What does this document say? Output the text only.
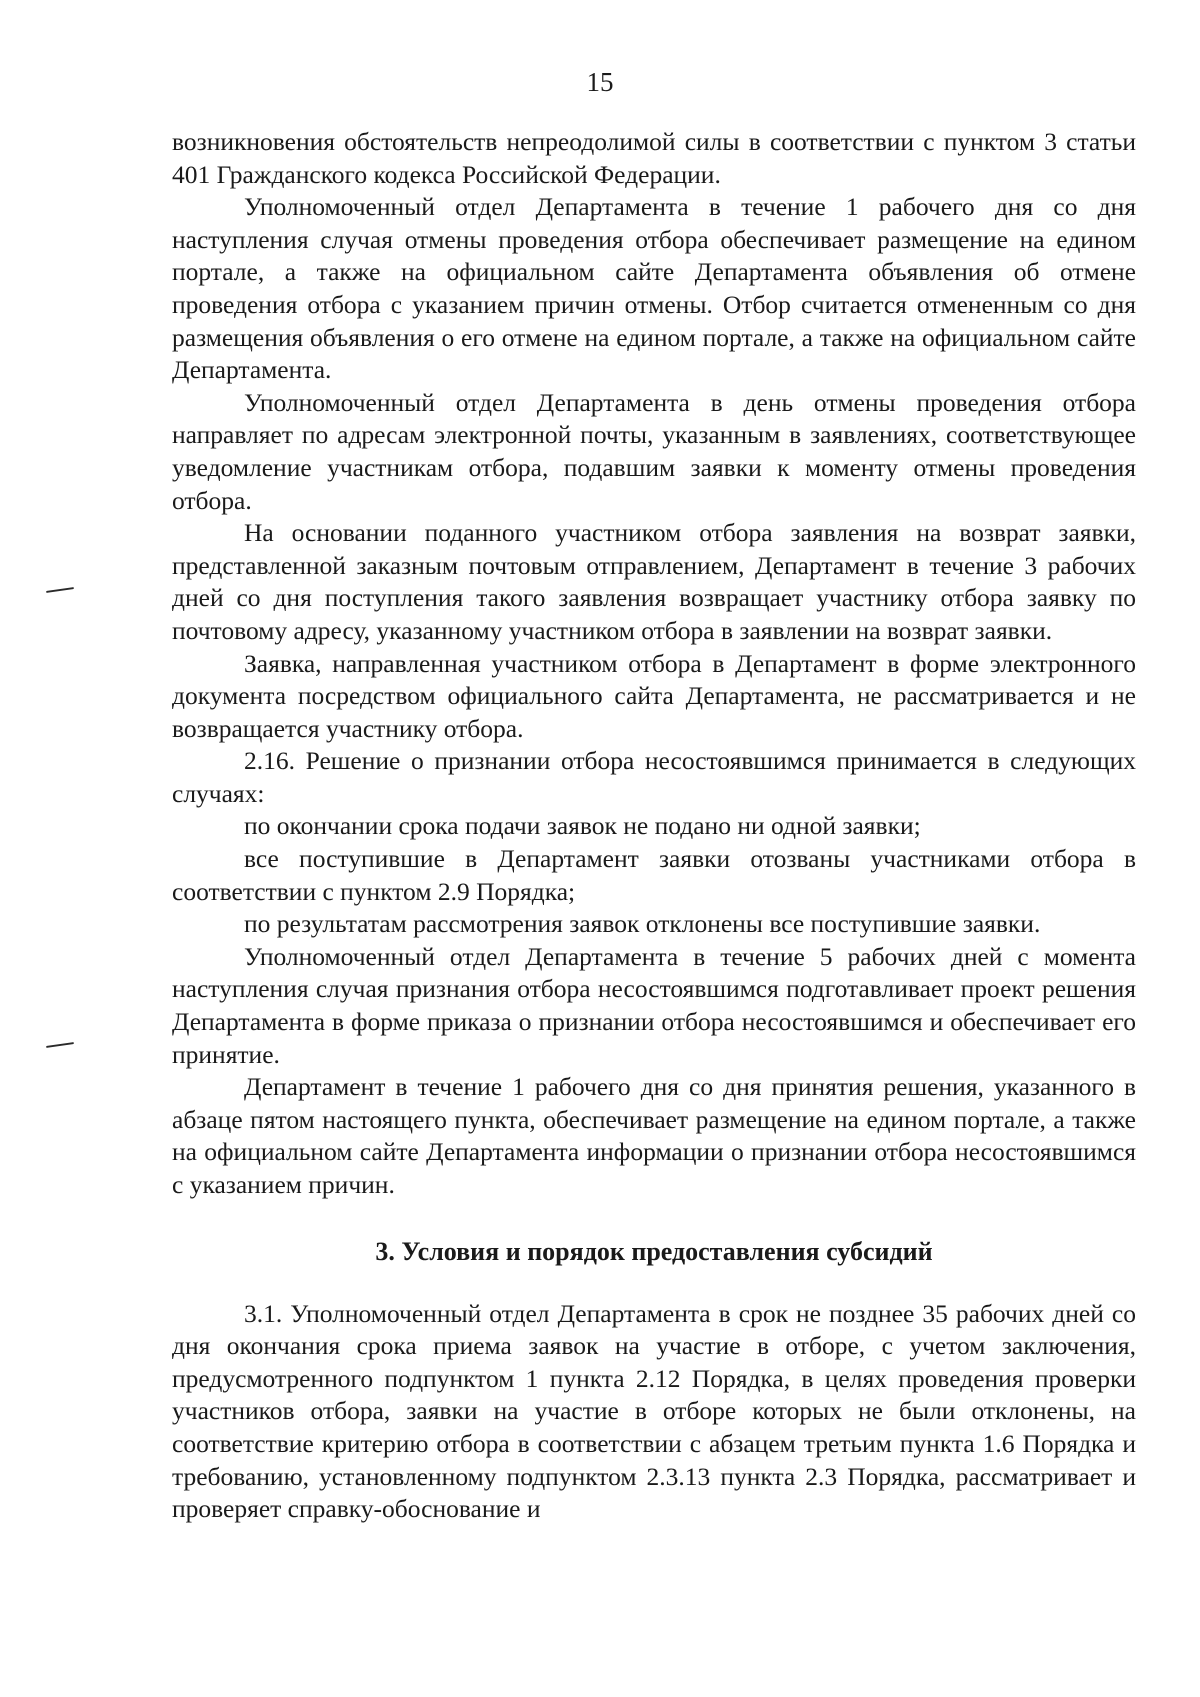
15

возникновения обстоятельств непреодолимой силы в соответствии с пунктом 3 статьи 401 Гражданского кодекса Российской Федерации.

Уполномоченный отдел Департамента в течение 1 рабочего дня со дня наступления случая отмены проведения отбора обеспечивает размещение на едином портале, а также на официальном сайте Департамента объявления об отмене проведения отбора с указанием причин отмены. Отбор считается отмененным со дня размещения объявления о его отмене на едином портале, а также на официальном сайте Департамента.

Уполномоченный отдел Департамента в день отмены проведения отбора направляет по адресам электронной почты, указанным в заявлениях, соответствующее уведомление участникам отбора, подавшим заявки к моменту отмены проведения отбора.

На основании поданного участником отбора заявления на возврат заявки, представленной заказным почтовым отправлением, Департамент в течение 3 рабочих дней со дня поступления такого заявления возвращает участнику отбора заявку по почтовому адресу, указанному участником отбора в заявлении на возврат заявки.

Заявка, направленная участником отбора в Департамент в форме электронного документа посредством официального сайта Департамента, не рассматривается и не возвращается участнику отбора.

2.16. Решение о признании отбора несостоявшимся принимается в следующих случаях:

по окончании срока подачи заявок не подано ни одной заявки;

все поступившие в Департамент заявки отозваны участниками отбора в соответствии с пунктом 2.9 Порядка;

по результатам рассмотрения заявок отклонены все поступившие заявки.

Уполномоченный отдел Департамента в течение 5 рабочих дней с момента наступления случая признания отбора несостоявшимся подготавливает проект решения Департамента в форме приказа о признании отбора несостоявшимся и обеспечивает его принятие.

Департамент в течение 1 рабочего дня со дня принятия решения, указанного в абзаце пятом настоящего пункта, обеспечивает размещение на едином портале, а также на официальном сайте Департамента информации о признании отбора несостоявшимся с указанием причин.

3. Условия и порядок предоставления субсидий

3.1. Уполномоченный отдел Департамента в срок не позднее 35 рабочих дней со дня окончания срока приема заявок на участие в отборе, с учетом заключения, предусмотренного подпунктом 1 пункта 2.12 Порядка, в целях проведения проверки участников отбора, заявки на участие в отборе которых не были отклонены, на соответствие критерию отбора в соответствии с абзацем третьим пункта 1.6 Порядка и требованию, установленному подпунктом 2.3.13 пункта 2.3 Порядка, рассматривает и проверяет справку-обоснование и
